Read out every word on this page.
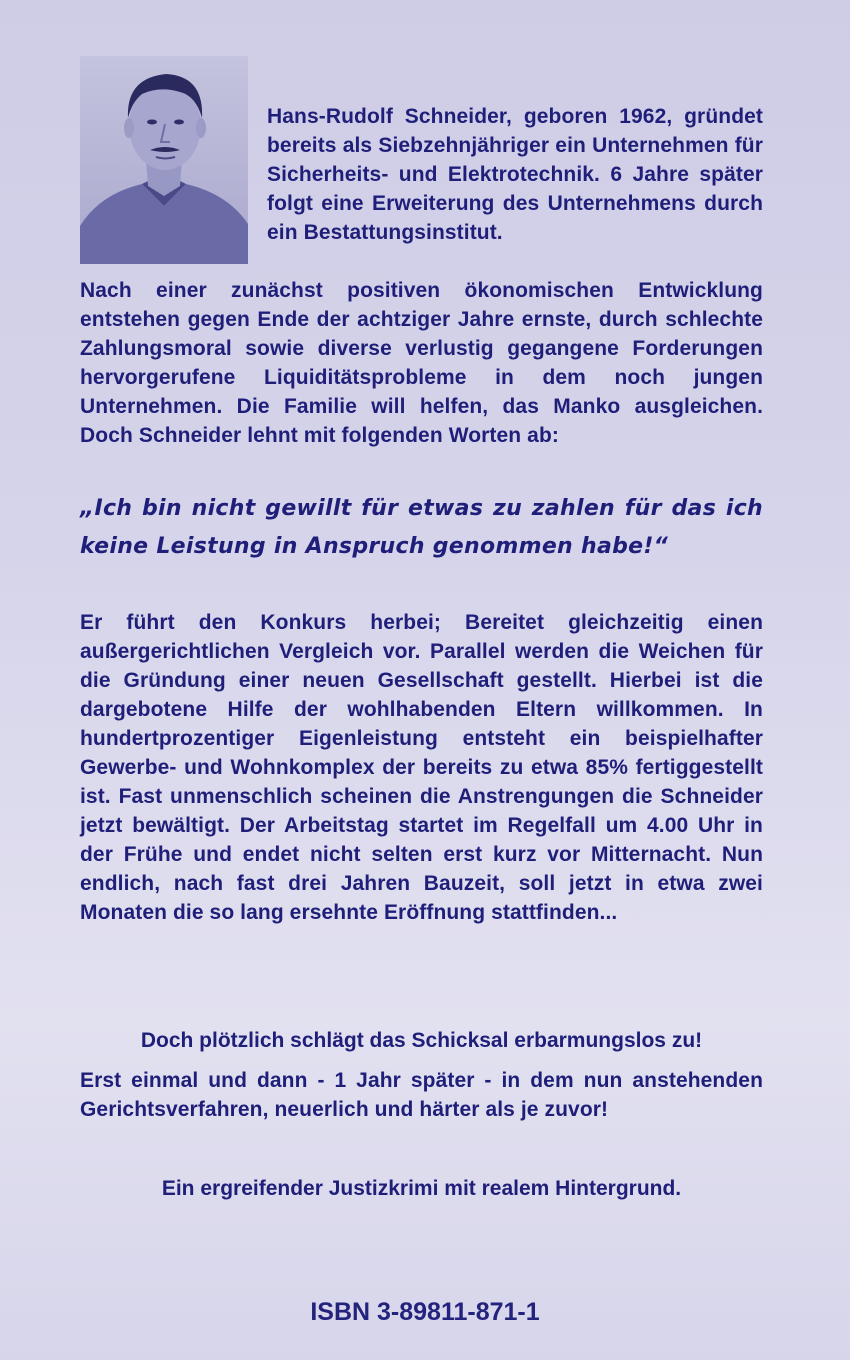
Hans-Rudolf Schneider, geboren 1962, gründet bereits als Siebzehnjähriger ein Unternehmen für Sicherheits- und Elektrotechnik. 6 Jahre später folgt eine Erweiterung des Unternehmens durch ein Bestattungsinstitut.
Nach einer zunächst positiven ökonomischen Entwicklung entstehen gegen Ende der achtziger Jahre ernste, durch schlechte Zahlungsmoral sowie diverse verlustig gegangene Forderungen hervorgerufene Liquiditätsprobleme in dem noch jungen Unternehmen. Die Familie will helfen, das Manko ausgleichen. Doch Schneider lehnt mit folgenden Worten ab:
„Ich bin nicht gewillt für etwas zu zahlen für das ich keine Leistung in Anspruch genommen habe!“
Er führt den Konkurs herbei; Bereitet gleichzeitig einen außergerichtlichen Vergleich vor. Parallel werden die Weichen für die Gründung einer neuen Gesellschaft gestellt. Hierbei ist die dargebotene Hilfe der wohlhabenden Eltern willkommen. In hundertprozentiger Eigenleistung entsteht ein beispielhafter Gewerbe- und Wohnkomplex der bereits zu etwa 85% fertiggestellt ist. Fast unmenschlich scheinen die Anstrengungen die Schneider jetzt bewältigt. Der Arbeitstag startet im Regelfall um 4.00 Uhr in der Frühe und endet nicht selten erst kurz vor Mitternacht. Nun endlich, nach fast drei Jahren Bauzeit, soll jetzt in etwa zwei Monaten die so lang ersehnte Eröffnung stattfinden...
Doch plötzlich schlägt das Schicksal erbarmungslos zu!
Erst einmal und dann - 1 Jahr später - in dem nun anstehenden Gerichtsverfahren, neuerlich und härter als je zuvor!
Ein ergreifender Justizkrimi mit realem Hintergrund.
ISBN 3-89811-871-1
